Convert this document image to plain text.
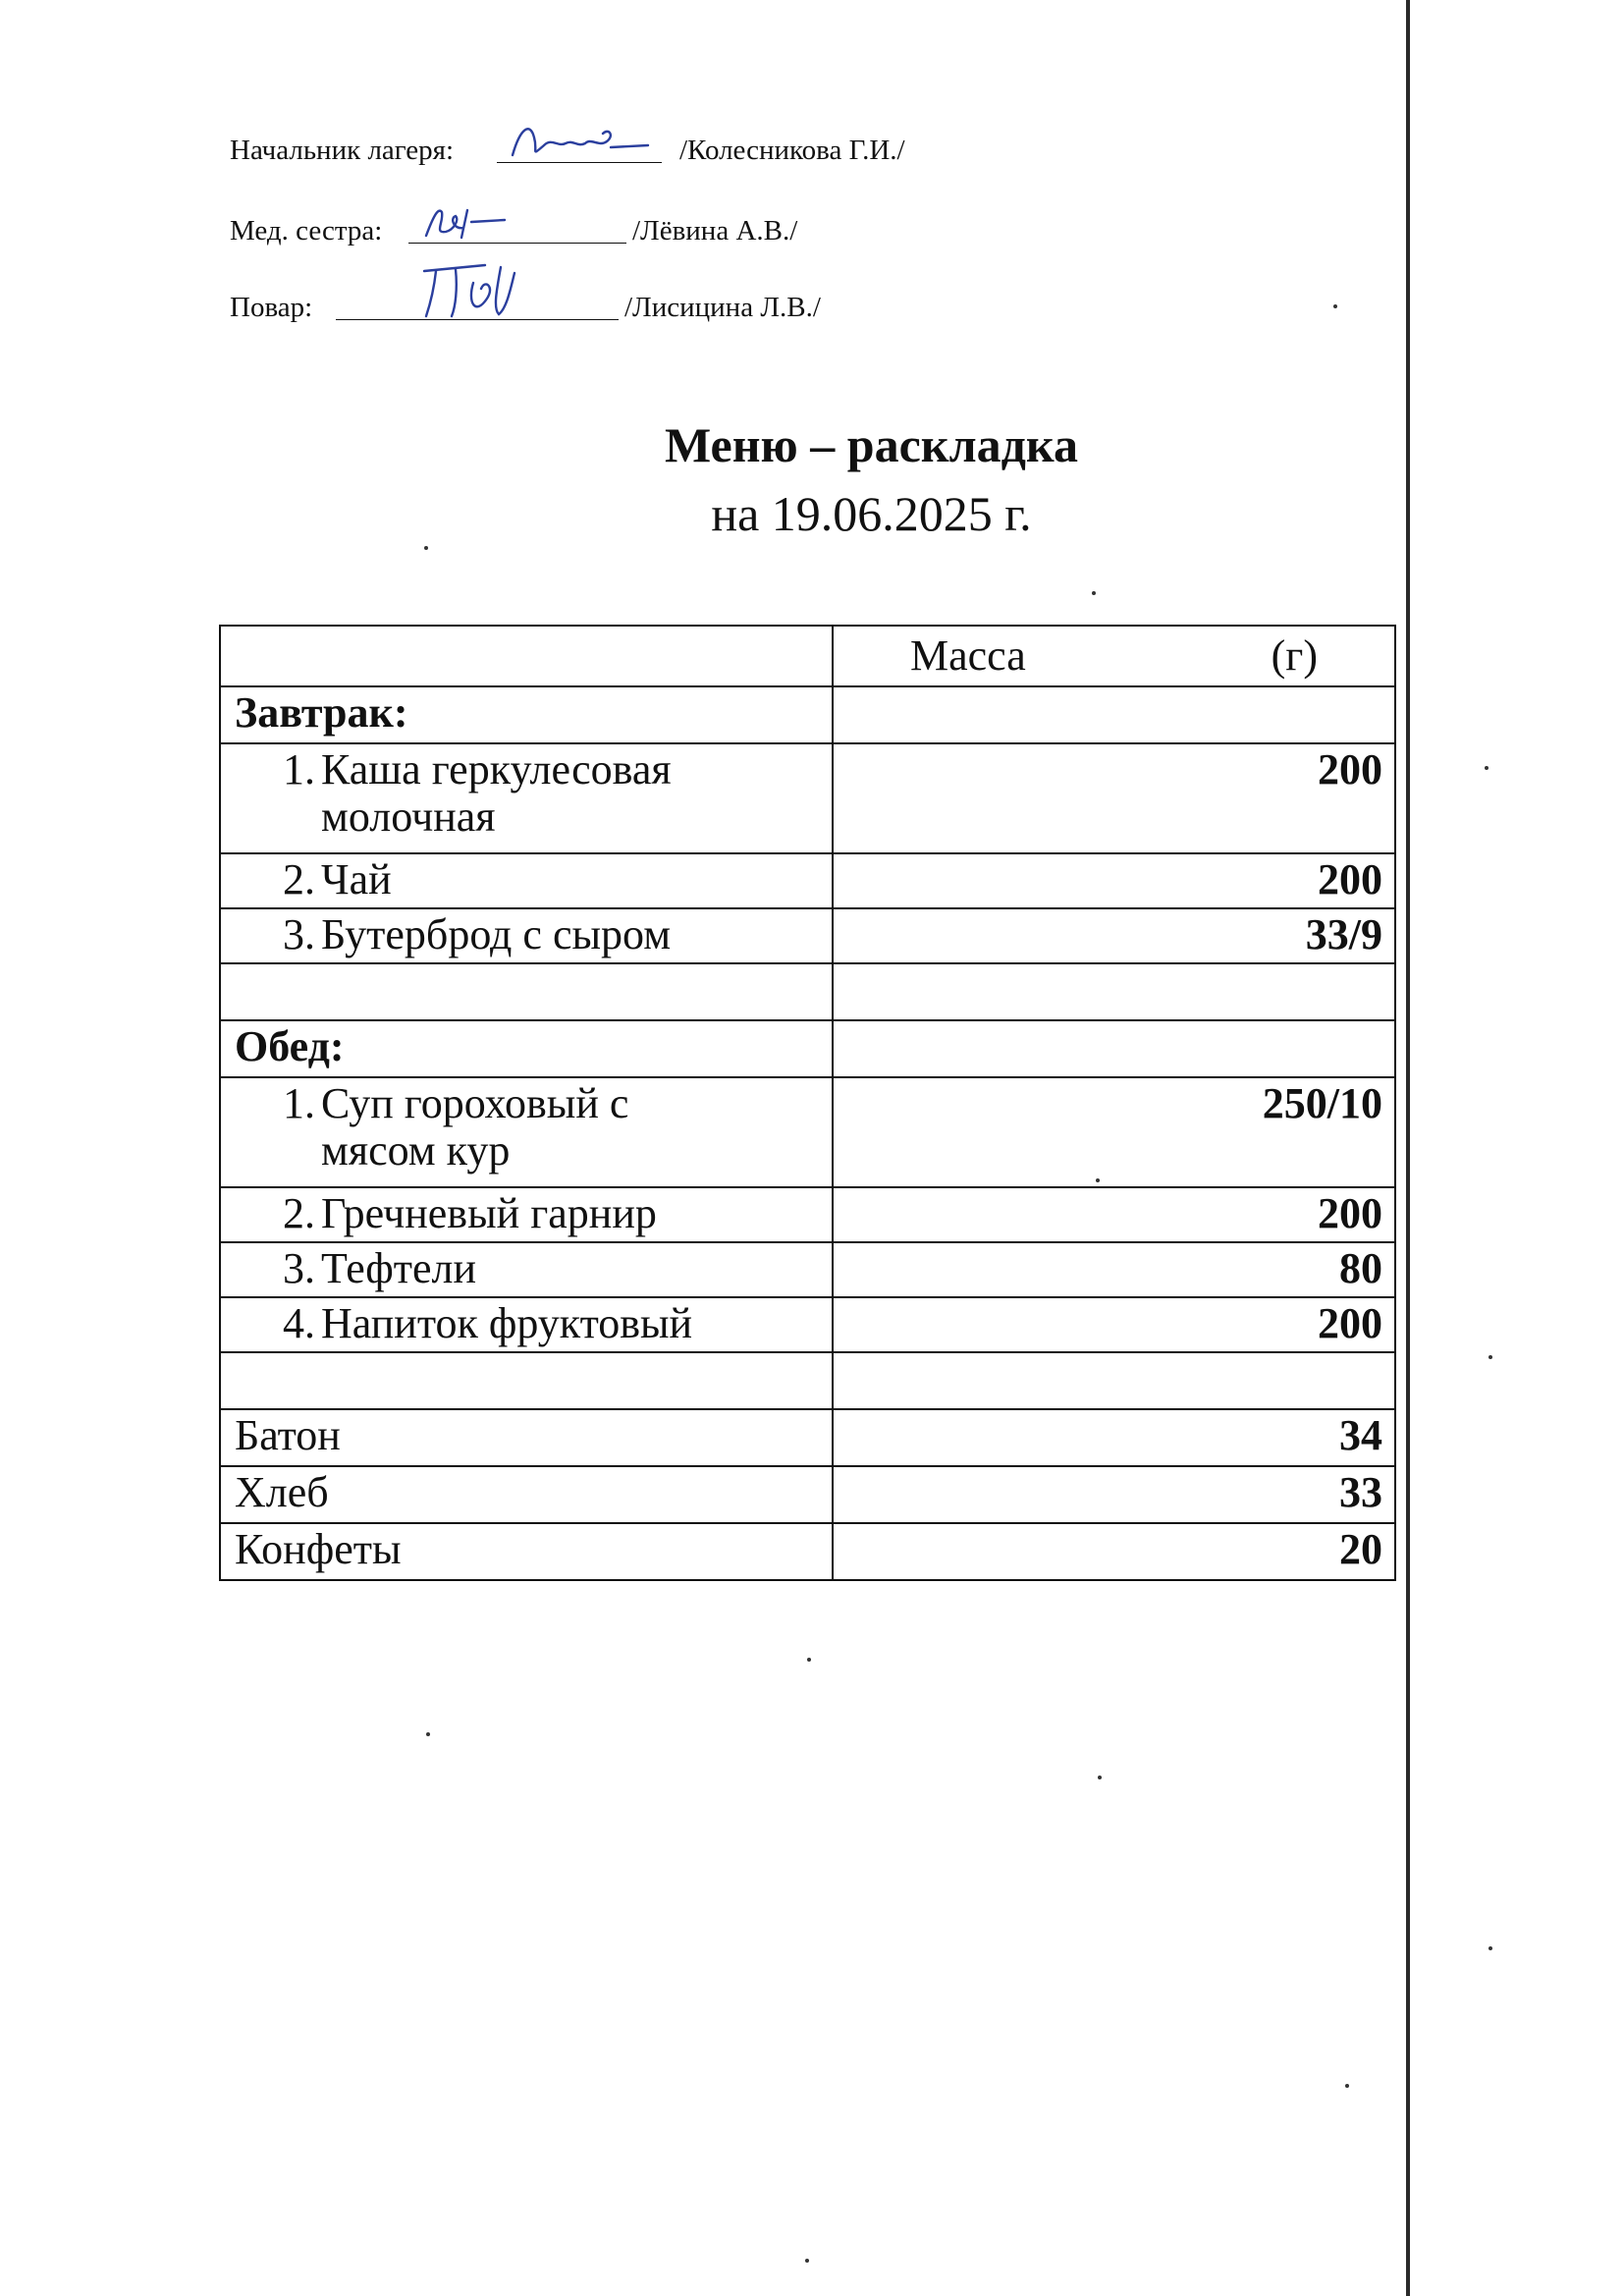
Начальник лагеря:	/Колесникова Г.И./
Мед. сестра:	/Лёвина А.В./
Повар:	/Лисицина Л.В./
Меню – раскладка
на 19.06.2025 г.

	Масса (г)

Завтрак:	
1. Каша геркулесовая молочная	200
2. Чай	200
3.Бутерброд с сыром	33/9

Обед:	
1. Суп гороховый с мясом кур	250/10
2. Гречневый гарнир	200
3. Тефтели	80
4. Напиток фруктовый	200

Батон	34
Хлеб	33
Конфеты	20
